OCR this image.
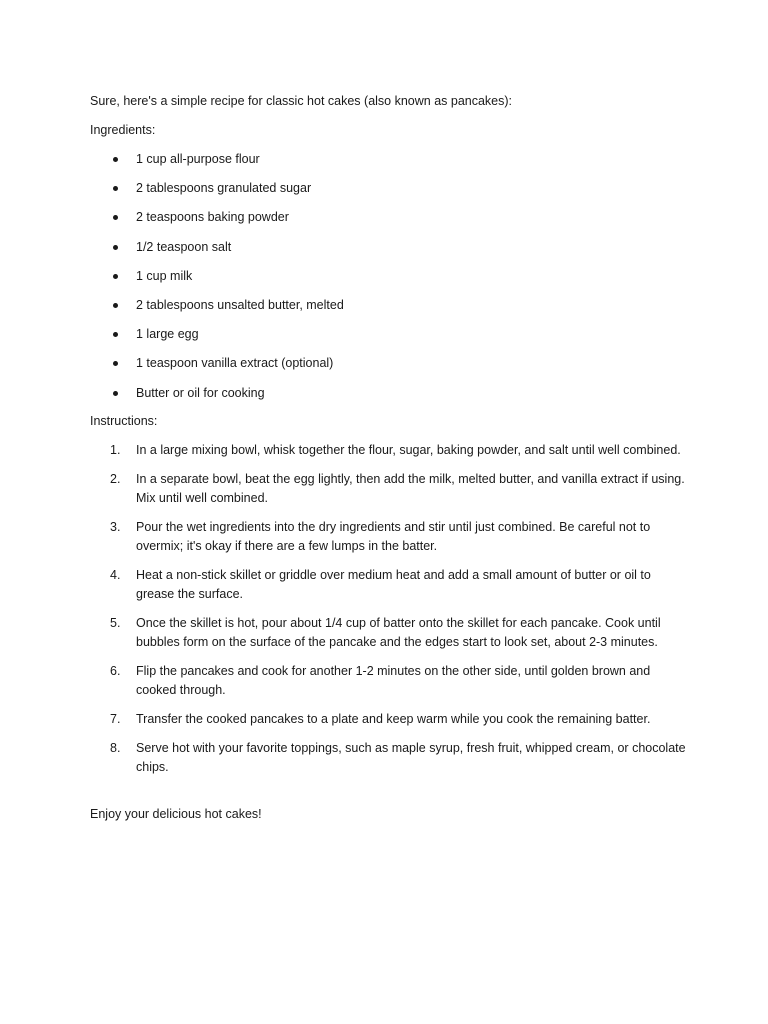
Sure, here's a simple recipe for classic hot cakes (also known as pancakes):

Ingredients:

1 cup all-purpose flour
2 tablespoons granulated sugar
2 teaspoons baking powder
1/2 teaspoon salt
1 cup milk
2 tablespoons unsalted butter, melted
1 large egg
1 teaspoon vanilla extract (optional)
Butter or oil for cooking

Instructions:

1.	In a large mixing bowl, whisk together the flour, sugar, baking powder, and salt until well combined.
2.	In a separate bowl, beat the egg lightly, then add the milk, melted butter, and vanilla extract if using. Mix until well combined.
3.	Pour the wet ingredients into the dry ingredients and stir until just combined. Be careful not to overmix; it's okay if there are a few lumps in the batter.
4.	Heat a non-stick skillet or griddle over medium heat and add a small amount of butter or oil to grease the surface.
5.	Once the skillet is hot, pour about 1/4 cup of batter onto the skillet for each pancake. Cook until bubbles form on the surface of the pancake and the edges start to look set, about 2-3 minutes.
6.	Flip the pancakes and cook for another 1-2 minutes on the other side, until golden brown and cooked through.
7.	Transfer the cooked pancakes to a plate and keep warm while you cook the remaining batter.
8.	Serve hot with your favorite toppings, such as maple syrup, fresh fruit, whipped cream, or chocolate chips.

Enjoy your delicious hot cakes!
